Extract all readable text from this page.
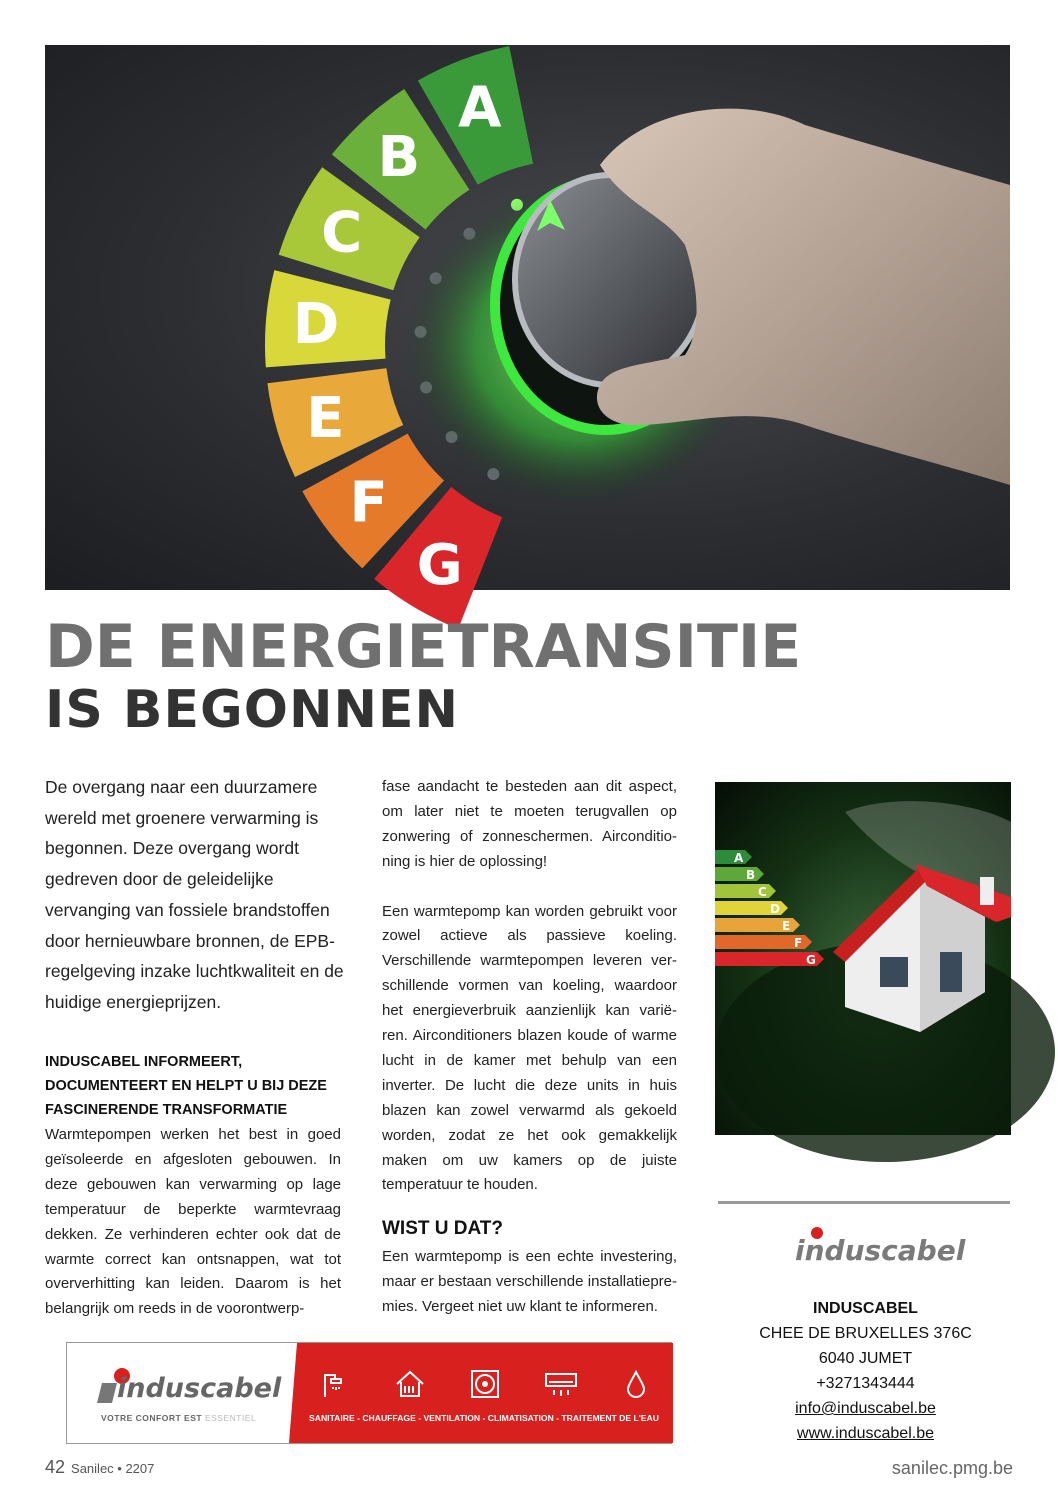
A
B
C
D
E
F
G
DE ENERGIETRANSITIE
IS BEGONNEN

De overgang naar een duurzamere wereld met groenere verwarming is begonnen. Deze overgang wordt gedreven door de geleidelijke vervanging van fossiele brandstoffen door hernieuwbare bronnen, de EPB-regelgeving inzake luchtkwaliteit en de huidige energieprijzen.

INDUSCABEL INFORMEERT, DOCUMENTEERT EN HELPT U BIJ DEZE FASCINERENDE TRANSFORMATIE

Warmtepompen werken het best in goed geïsoleerde en afgesloten gebouwen. In deze gebouwen kan verwarming op lage temperatuur de beperkte warmtevraag dekken. Ze verhinderen echter ook dat de warmte correct kan ontsnappen, wat tot oververhitting kan leiden. Daarom is het belangrijk om reeds in de voorontwerp-

fase aandacht te besteden aan dit aspect, om later niet te moeten terugvallen op zonwering of zonneschermen. Airconditio-ning is hier de oplossing!

Een warmtepomp kan worden gebruikt voor zowel actieve als passieve koeling. Verschillende warmtepompen leveren ver-schillende vormen van koeling, waardoor het energieverbruik aanzienlijk kan varië-ren. Airconditioners blazen koude of warme lucht in de kamer met behulp van een inverter. De lucht die deze units in huis blazen kan zowel verwarmd als gekoeld worden, zodat ze het ook gemakkelijk maken om uw kamers op de juiste temperatuur te houden.

WIST U DAT?

Een warmtepomp is een echte investering, maar er bestaan verschillende installatiepre-mies. Vergeet niet uw klant te informeren.

A
B
C
D
E
F
G
induscabel
INDUSCABEL
CHEE DE BRUXELLES 376C
6040 JUMET
+3271343444
info@induscabel.be
www.induscabel.be
induscabel
VOTRE CONFORT EST ESSENTIEL	SANITAIRE - CHAUFFAGE - VENTILATION - CLIMATISATION - TRAITEMENT DE L'EAU
42 Sanilec • 2207	sanilec.pmg.be
